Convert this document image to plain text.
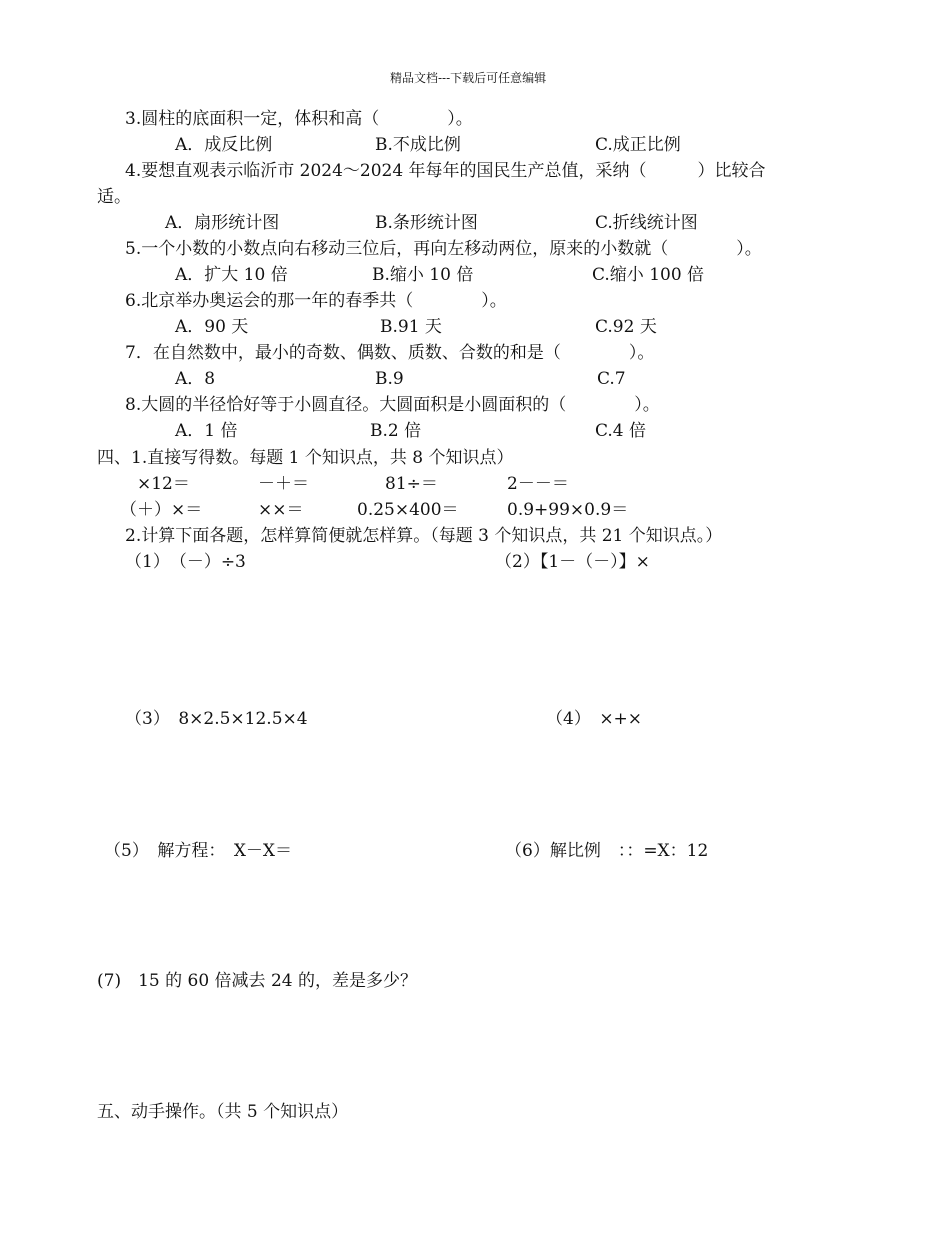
精品文档---下载后可任意编辑
3.圆柱的底面积一定，体积和高（　　　　）。
A．成反比例	B.不成比例	C.成正比例
4.要想直观表示临沂市 2024～2024 年每年的国民生产总值，采纳（　　　）比较合
适。
A．扇形统计图	B.条形统计图	C.折线统计图
5.一个小数的小数点向右移动三位后，再向左移动两位，原来的小数就（　　　　）。
A．扩大 10 倍	B.缩小 10 倍	C.缩小 100 倍
6.北京举办奥运会的那一年的春季共（　　　　）。
A．90 天	B.91 天	C.92 天
7．在自然数中，最小的奇数、偶数、质数、合数的和是（　　　　）。
A．8	B.9	C.7
8.大圆的半径恰好等于小圆直径。大圆面积是小圆面积的（　　　　）。
A．1 倍	B.2 倍	C.4 倍
四、1.直接写得数。每题 1 个知识点，共 8 个知识点）
×12＝	－＋＝	81÷＝	2－－＝
（＋）×＝	××＝	0.25×400＝	0.9+99×0.9＝
2.计算下面各题，怎样算简便就怎样算。（每题 3 个知识点，共 21 个知识点。）
（1）　（－）÷3	（2）【1－（－）】×
（3）　8×2.5×12.5×4	（4）　×+×
（5）　解方程：　X－X＝	（6）解比例　：：=X：12
(7)　15 的 60 倍减去 24 的，差是多少？
五、动手操作。（共 5 个知识点）
